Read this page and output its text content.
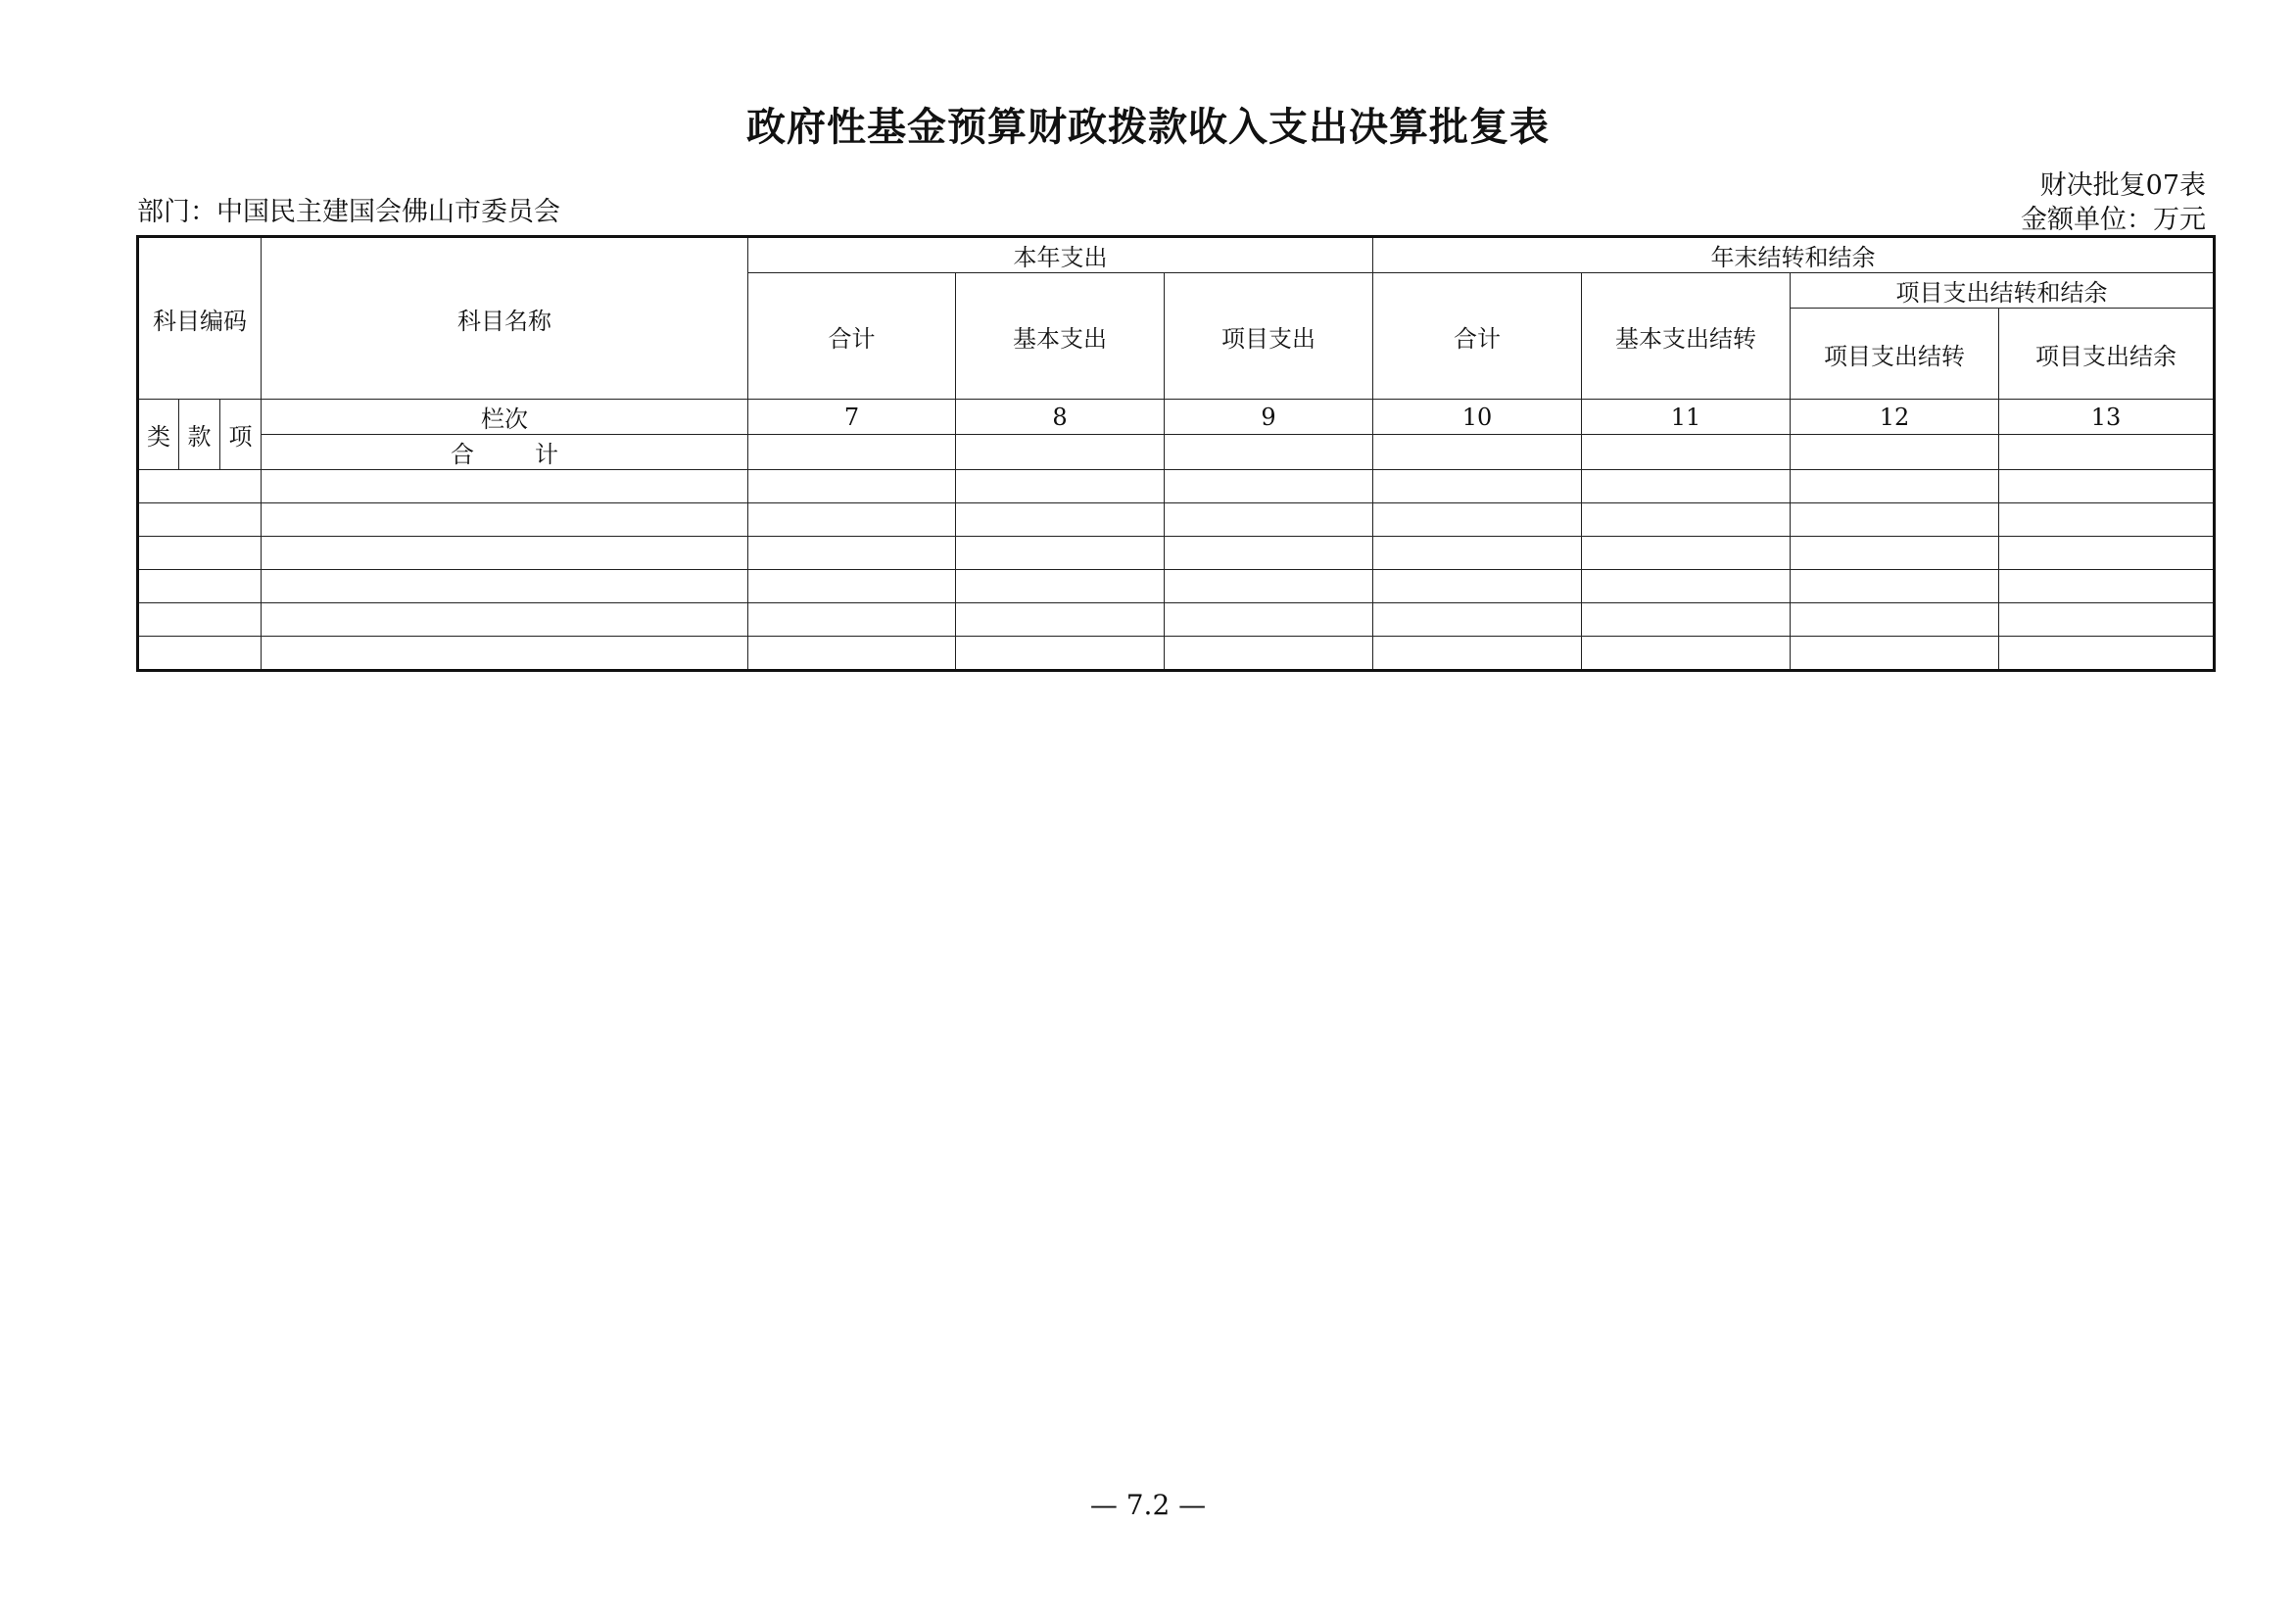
政府性基金预算财政拨款收入支出决算批复表
部门：中国民主建国会佛山市委员会
财决批复07表
金额单位：万元
科目编码			科目名称	本年支出			年末结转和结余			
				合计	基本支出	项目支出	合计	基本支出结转	项目支出结转和结余	
									项目支出结转	项目支出结余
类	款	项	栏次	7	8	9	10	11	12	13
			合计							

— 7.2 —
